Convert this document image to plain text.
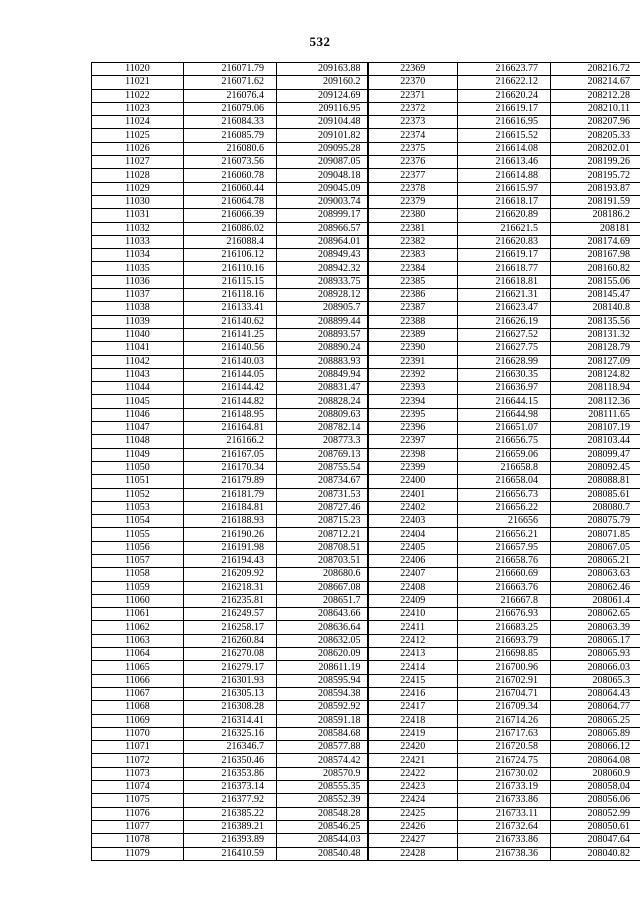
532
11020	216071.79	209163.88	22369	216623.77	208216.72
11021	216071.62	209160.2	22370	216622.12	208214.67
11022	216076.4	209124.69	22371	216620.24	208212.28
11023	216079.06	209116.95	22372	216619.17	208210.11
11024	216084.33	209104.48	22373	216616.95	208207.96
11025	216085.79	209101.82	22374	216615.52	208205.33
11026	216080.6	209095.28	22375	216614.08	208202.01
11027	216073.56	209087.05	22376	216613.46	208199.26
11028	216060.78	209048.18	22377	216614.88	208195.72
11029	216060.44	209045.09	22378	216615.97	208193.87
11030	216064.78	209003.74	22379	216618.17	208191.59
11031	216066.39	208999.17	22380	216620.89	208186.2
11032	216086.02	208966.57	22381	216621.5	208181
11033	216088.4	208964.01	22382	216620.83	208174.69
11034	216106.12	208949.43	22383	216619.17	208167.98
11035	216110.16	208942.32	22384	216618.77	208160.82
11036	216115.15	208933.75	22385	216618.81	208155.06
11037	216118.16	208928.12	22386	216621.31	208145.47
11038	216133.41	208905.7	22387	216623.47	208140.8
11039	216140.62	208899.44	22388	216626.19	208135.56
11040	216141.25	208893.57	22389	216627.52	208131.32
11041	216140.56	208890.24	22390	216627.75	208128.79
11042	216140.03	208883.93	22391	216628.99	208127.09
11043	216144.05	208849.94	22392	216630.35	208124.82
11044	216144.42	208831.47	22393	216636.97	208118.94
11045	216144.82	208828.24	22394	216644.15	208112.36
11046	216148.95	208809.63	22395	216644.98	208111.65
11047	216164.81	208782.14	22396	216651.07	208107.19
11048	216166.2	208773.3	22397	216656.75	208103.44
11049	216167.05	208769.13	22398	216659.06	208099.47
11050	216170.34	208755.54	22399	216658.8	208092.45
11051	216179.89	208734.67	22400	216658.04	208088.81
11052	216181.79	208731.53	22401	216656.73	208085.61
11053	216184.81	208727.46	22402	216656.22	208080.7
11054	216188.93	208715.23	22403	216656	208075.79
11055	216190.26	208712.21	22404	216656.21	208071.85
11056	216191.98	208708.51	22405	216657.95	208067.05
11057	216194.43	208703.51	22406	216658.76	208065.21
11058	216209.92	208680.6	22407	216660.69	208063.63
11059	216218.31	208667.08	22408	216663.76	208062.46
11060	216235.81	208651.7	22409	216667.8	208061.4
11061	216249.57	208643.66	22410	216676.93	208062.65
11062	216258.17	208636.64	22411	216683.25	208063.39
11063	216260.84	208632.05	22412	216693.79	208065.17
11064	216270.08	208620.09	22413	216698.85	208065.93
11065	216279.17	208611.19	22414	216700.96	208066.03
11066	216301.93	208595.94	22415	216702.91	208065.3
11067	216305.13	208594.38	22416	216704.71	208064.43
11068	216308.28	208592.92	22417	216709.34	208064.77
11069	216314.41	208591.18	22418	216714.26	208065.25
11070	216325.16	208584.68	22419	216717.63	208065.89
11071	216346.7	208577.88	22420	216720.58	208066.12
11072	216350.46	208574.42	22421	216724.75	208064.08
11073	216353.86	208570.9	22422	216730.02	208060.9
11074	216373.14	208555.35	22423	216733.19	208058.04
11075	216377.92	208552.39	22424	216733.86	208056.06
11076	216385.22	208548.28	22425	216733.11	208052.99
11077	216389.21	208546.25	22426	216732.64	208050.61
11078	216393.89	208544.03	22427	216733.86	208047.64
11079	216410.59	208540.48	22428	216738.36	208040.82
